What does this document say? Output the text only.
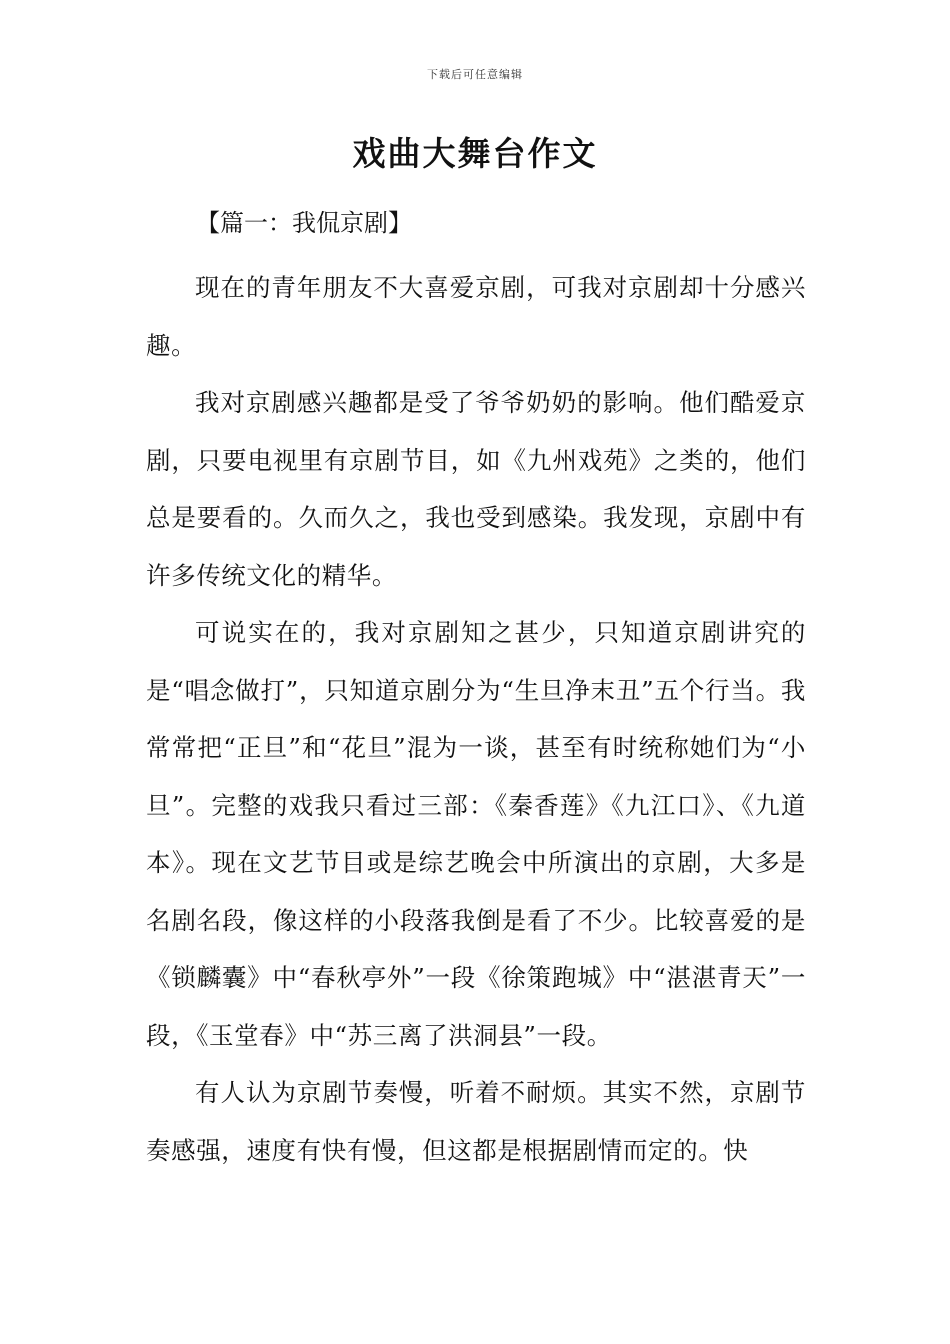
下载后可任意编辑
戏曲大舞台作文
【篇一：我侃京剧】

现在的青年朋友不大喜爱京剧，可我对京剧却十分感兴趣。

我对京剧感兴趣都是受了爷爷奶奶的影响。他们酷爱京剧，只要电视里有京剧节目，如《九州戏苑》之类的，他们总是要看的。久而久之，我也受到感染。我发现，京剧中有许多传统文化的精华。

可说实在的，我对京剧知之甚少，只知道京剧讲究的是“唱念做打”，只知道京剧分为“生旦净末丑”五个行当。我常常把“正旦”和“花旦”混为一谈，甚至有时统称她们为“小旦”。完整的戏我只看过三部：《秦香莲》《九江口》、《九道本》。现在文艺节目或是综艺晚会中所演出的京剧，大多是名剧名段，像这样的小段落我倒是看了不少。比较喜爱的是《锁麟囊》中“春秋亭外”一段《徐策跑城》中“湛湛青天”一段，《玉堂春》中“苏三离了洪洞县”一段。

有人认为京剧节奏慢，听着不耐烦。其实不然，京剧节奏感强，速度有快有慢，但这都是根据剧情而定的。快
